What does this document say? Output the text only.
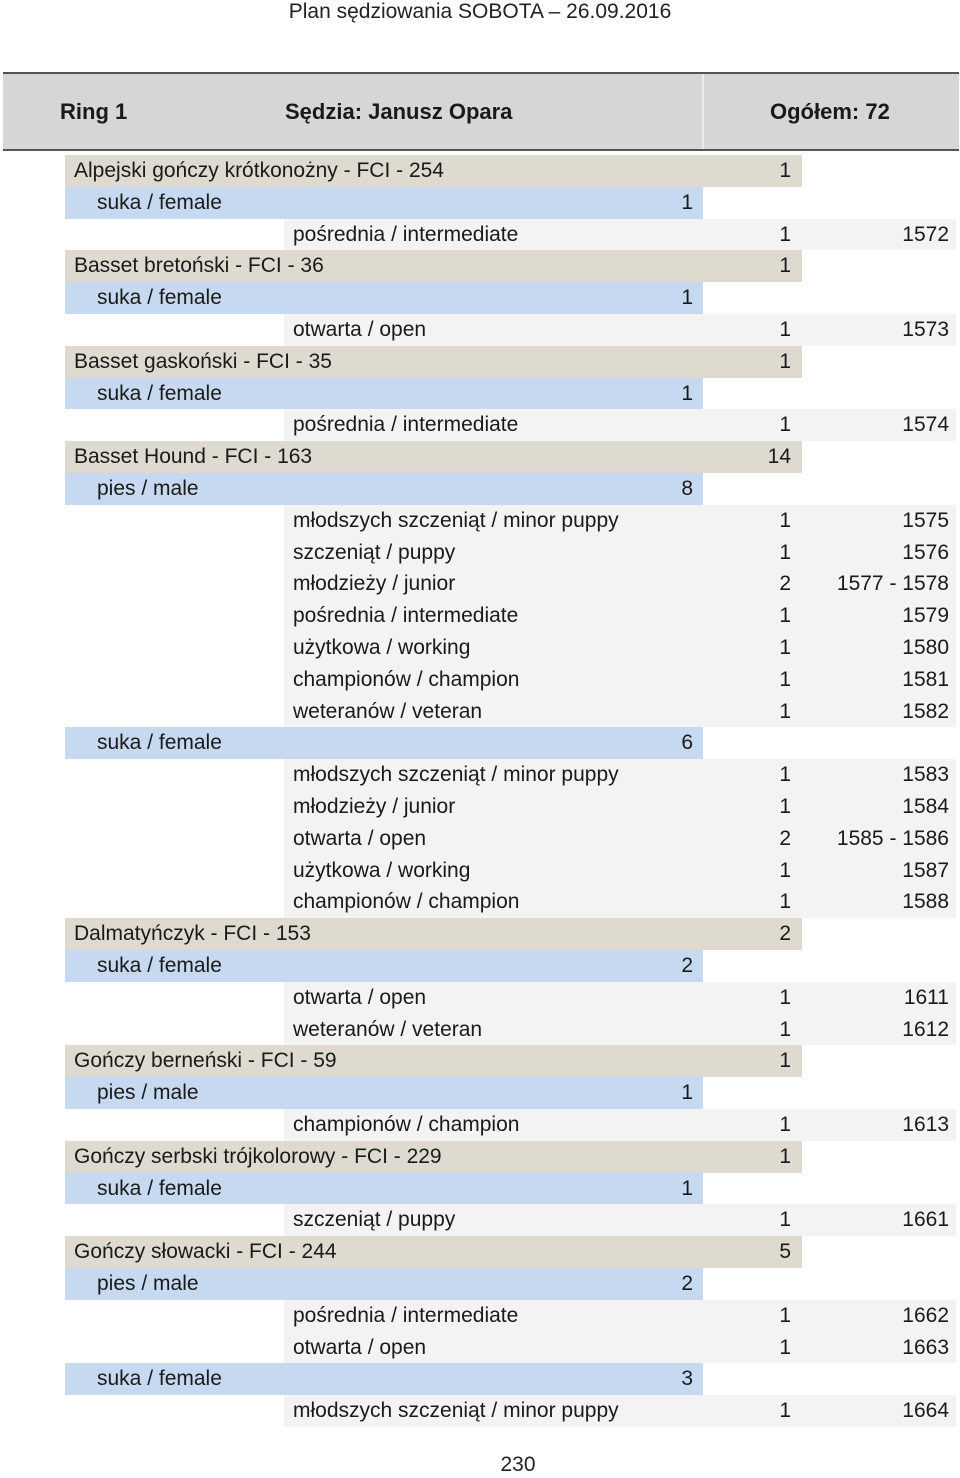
Plan sędziowania SOBOTA – 26.09.2016
Ring 1	Sędzia: Janusz Opara	Ogółem: 72
Alpejski gończy krótkonożny - FCI - 254	1
suka / female	1
pośrednia / intermediate	1	1572
Basset bretoński - FCI - 36	1
suka / female	1
otwarta / open	1	1573
Basset gaskoński - FCI - 35	1
suka / female	1
pośrednia / intermediate	1	1574
Basset Hound - FCI - 163	14
pies / male	8
młodszych szczeniąt / minor puppy	1	1575
szczeniąt / puppy	1	1576
młodzieży / junior	2 1577 - 1578
pośrednia / intermediate	1	1579
użytkowa / working	1	1580
championów / champion	1	1581
weteranów / veteran	1	1582
suka / female	6
młodszych szczeniąt / minor puppy	1	1583
młodzieży / junior	1	1584
otwarta / open	2 1585 - 1586
użytkowa / working	1	1587
championów / champion	1	1588
Dalmatyńczyk - FCI - 153	2
suka / female	2
otwarta / open	1	1611
weteranów / veteran	1	1612
Gończy berneński - FCI - 59	1
pies / male	1
championów / champion	1	1613
Gończy serbski trójkolorowy - FCI - 229	1
suka / female	1
szczeniąt / puppy	1	1661
Gończy słowacki - FCI - 244	5
pies / male	2
pośrednia / intermediate	1	1662
otwarta / open	1	1663
suka / female	3
młodszych szczeniąt / minor puppy	1	1664
230
